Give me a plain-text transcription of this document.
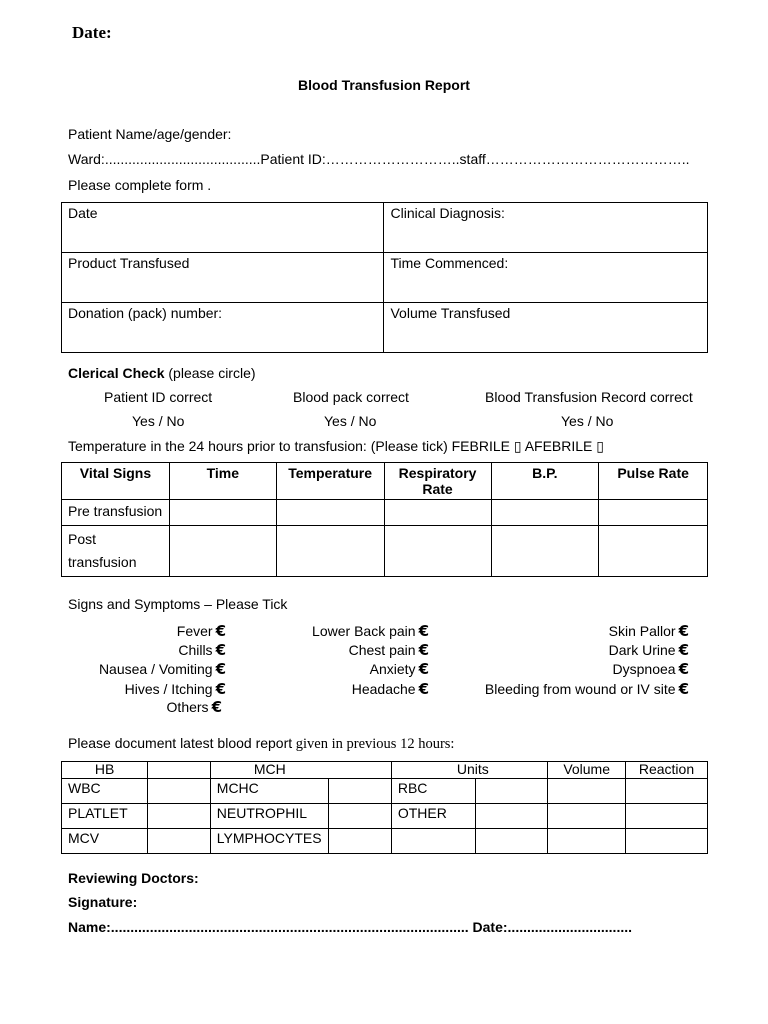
Date:
Blood Transfusion Report
Patient Name/age/gender:
Ward:........................................Patient ID:………………………..staff……………………………………..
Please complete form .
Date	Clinical Diagnosis:

Product Transfused	Time Commenced:

Donation (pack) number:	Volume Transfused
Clerical Check (please circle)
Patient ID correct	Blood pack correct	Blood Transfusion Record correct
Yes / No	Yes / No	Yes / No
Temperature in the 24 hours prior to transfusion: (Please tick) FEBRILE ▯ AFEBRILE ▯
Vital Signs	Time	Temperature	Respiratory Rate	B.P.	Pulse Rate

Pre transfusion					

Post transfusion					

Signs and Symptoms – Please Tick
Fever €
Chills €
Nausea / Vomiting €
Hives / Itching €
Others €
Lower Back pain €
Chest pain €
Anxiety €
Headache €
Skin Pallor €
Dark Urine €
Dyspnoea €
Bleeding from wound or IV site €
Please document latest blood report given in previous 12 hours:
HB		MCH		Units		Volume	Reaction

WBC		MCHC		RBC			

PLATLET		NEUTROPHIL		OTHER			

MCV		LYMPHOCYTES					

Reviewing Doctors:
Signature:
Name:............................................................................................ Date:................................
